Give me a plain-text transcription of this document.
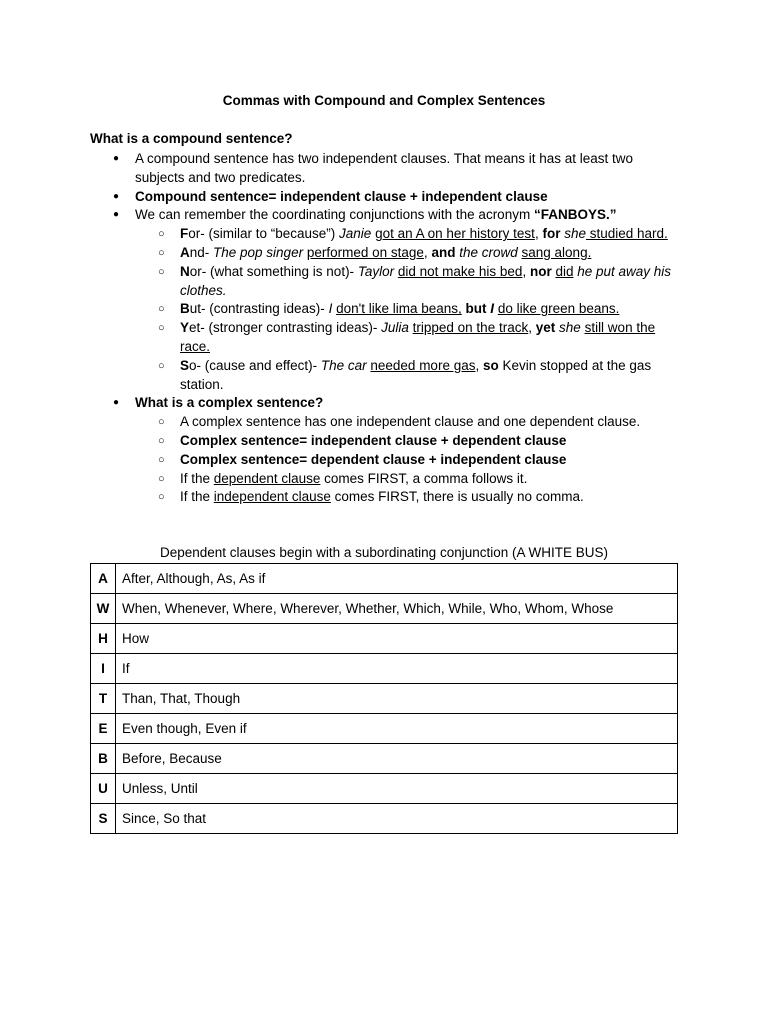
Commas with Compound and Complex Sentences
What is a compound sentence?
● A compound sentence has two independent clauses. That means it has at least two subjects and two predicates.
● Compound sentence= independent clause + independent clause
● We can remember the coordinating conjunctions with the acronym “FANBOYS.”
○ For- (similar to “because”) Janie got an A on her history test, for she studied hard.
○ And- The pop singer performed on stage, and the crowd sang along.
○ Nor- (what something is not)- Taylor did not make his bed, nor did he put away his clothes.
○ But- (contrasting ideas)- I don't like lima beans, but I do like green beans.
○ Yet- (stronger contrasting ideas)- Julia tripped on the track, yet she still won the race.
○ So- (cause and effect)- The car needed more gas, so Kevin stopped at the gas station.
● What is a complex sentence?
○ A complex sentence has one independent clause and one dependent clause.
○ Complex sentence= independent clause + dependent clause
○ Complex sentence= dependent clause + independent clause
○ If the dependent clause comes FIRST, a comma follows it.
○ If the independent clause comes FIRST, there is usually no comma.
Dependent clauses begin with a subordinating conjunction (A WHITE BUS)
A	After, Although, As, As if
W	When, Whenever, Where, Wherever, Whether, Which, While, Who, Whom, Whose
H	How
I	If
T	Than, That, Though
E	Even though, Even if
B	Before, Because
U	Unless, Until
S	Since, So that
